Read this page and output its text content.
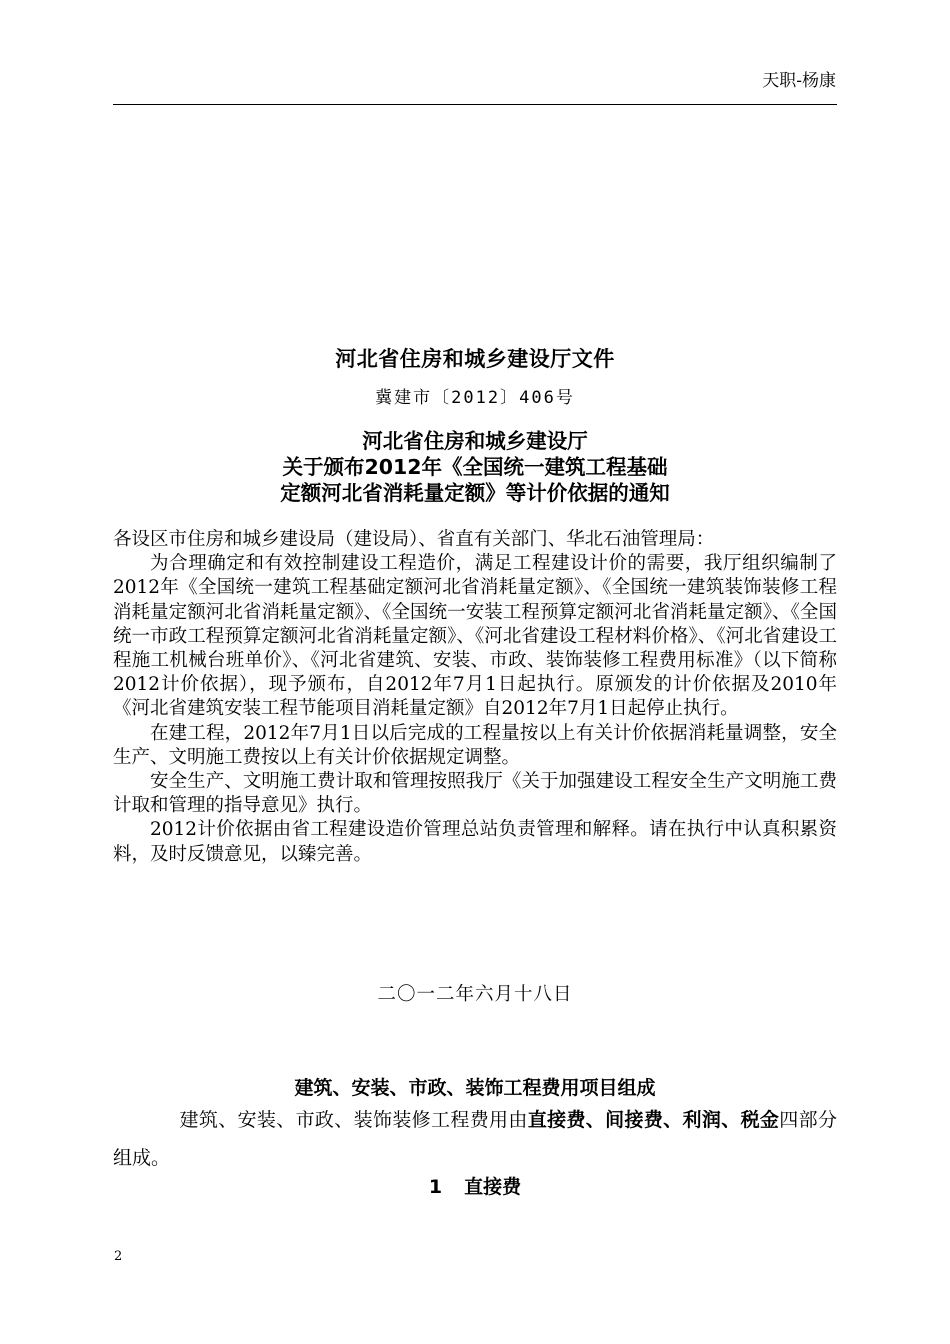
天职-杨康
河北省住房和城乡建设厅文件
冀建市〔2012〕406号
河北省住房和城乡建设厅
关于颁布2012年《全国统一建筑工程基础
定额河北省消耗量定额》等计价依据的通知

各设区市住房和城乡建设局（建设局）、省直有关部门、华北石油管理局：

为合理确定和有效控制建设工程造价，满足工程建设计价的需要，我厅组织编制了2012年《全国统一建筑工程基础定额河北省消耗量定额》、《全国统一建筑装饰装修工程消耗量定额河北省消耗量定额》、《全国统一安装工程预算定额河北省消耗量定额》、《全国统一市政工程预算定额河北省消耗量定额》、《河北省建设工程材料价格》、《河北省建设工程施工机械台班单价》、《河北省建筑、安装、市政、装饰装修工程费用标准》（以下简称2012计价依据），现予颁布，自2012年7月1日起执行。原颁发的计价依据及2010年《河北省建筑安装工程节能项目消耗量定额》自2012年7月1日起停止执行。

在建工程，2012年7月1日以后完成的工程量按以上有关计价依据消耗量调整，安全生产、文明施工费按以上有关计价依据规定调整。

安全生产、文明施工费计取和管理按照我厅《关于加强建设工程安全生产文明施工费计取和管理的指导意见》执行。

2012计价依据由省工程建设造价管理总站负责管理和解释。请在执行中认真积累资料，及时反馈意见，以臻完善。

二〇一二年六月十八日
建筑、安装、市政、装饰工程费用项目组成
建筑、安装、市政、装饰装修工程费用由直接费、间接费、利润、税金四部分组成。
1 直接费
2
